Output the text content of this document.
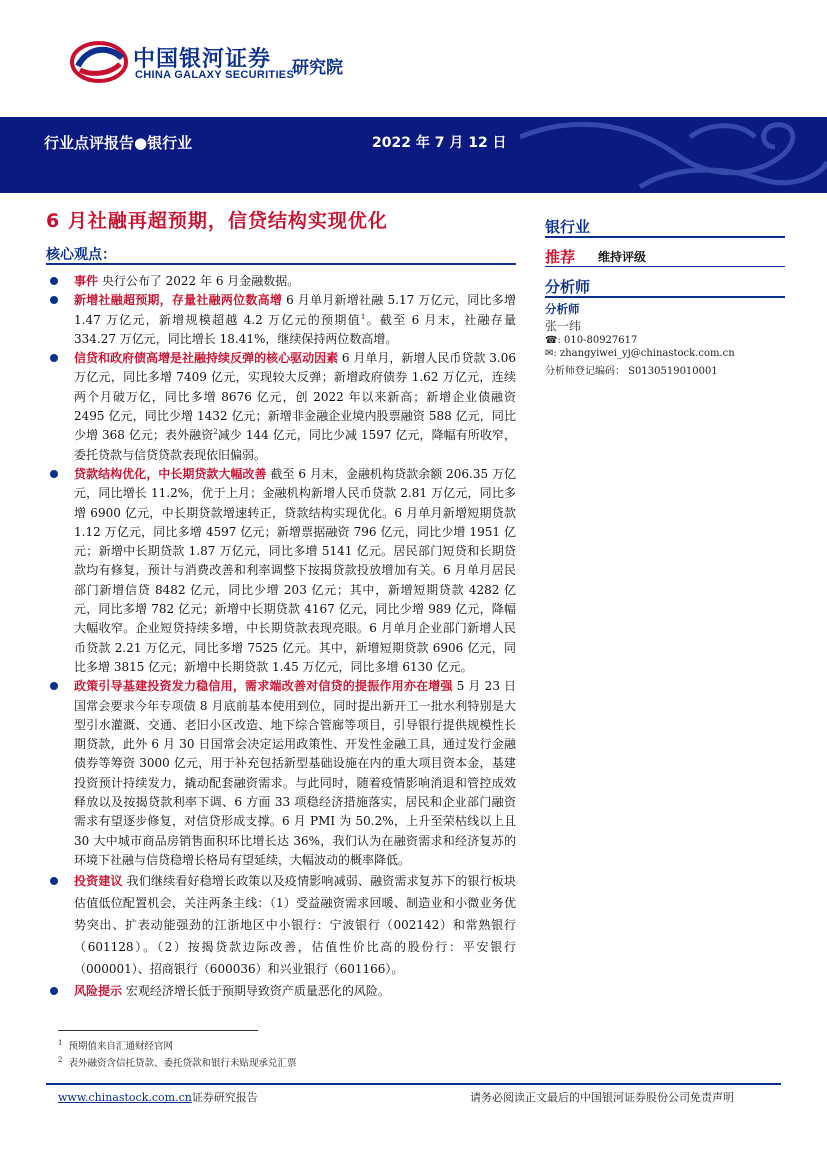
中国银河证券
CHINA GALAXY SECURITIES
研究院
行业点评报告●银行业	2022 年 7 月 12 日
6 月社融再超预期，信贷结构实现优化
核心观点：
银行业
推荐	维持评级
分析师
分析师
张一纬
☎: 010-80927617
✉: zhangyiwei_yj@chinastock.com.cn
分析师登记编码： S0130519010001
事件 央行公布了 2022 年 6 月金融数据。
新增社融超预期，存量社融两位数高增 6 月单月新增社融 5.17 万亿元，同比多增 1.47 万亿元，新增规模超越 4.2 万亿元的预期值$^1$。截至 6 月末，社融存量 334.27 万亿元，同比增长 18.41%，继续保持两位数高增。
信贷和政府债高增是社融持续反弹的核心驱动因素 6 月单月，新增人民币贷款 3.06 万亿元，同比多增 7409 亿元，实现较大反弹；新增政府债券 1.62 万亿元，连续两个月破万亿，同比多增 8676 亿元，创 2022 年以来新高；新增企业债融资 2495 亿元，同比少增 1432 亿元；新增非金融企业境内股票融资 588 亿元，同比少增 368 亿元；表外融资$^2$减少 144 亿元，同比少减 1597 亿元，降幅有所收窄，委托贷款与信贷贷款表现依旧偏弱。
贷款结构优化，中长期贷款大幅改善 截至 6 月末，金融机构贷款余额 206.35 万亿元，同比增长 11.2%，优于上月；金融机构新增人民币贷款 2.81 万亿元，同比多增 6900 亿元，中长期贷款增速转正，贷款结构实现优化。6 月单月新增短期贷款 1.12 万亿元，同比多增 4597 亿元；新增票据融资 796 亿元，同比少增 1951 亿元；新增中长期贷款 1.87 万亿元，同比多增 5141 亿元。居民部门短贷和长期贷款均有修复，预计与消费改善和利率调整下按揭贷款投放增加有关。6 月单月居民部门新增信贷 8482 亿元，同比少增 203 亿元；其中，新增短期贷款 4282 亿元，同比多增 782 亿元；新增中长期贷款 4167 亿元，同比少增 989 亿元，降幅大幅收窄。企业短贷持续多增，中长期贷款表现亮眼。6 月单月企业部门新增人民币贷款 2.21 万亿元，同比多增 7525 亿元。其中，新增短期贷款 6906 亿元，同比多增 3815 亿元；新增中长期贷款 1.45 万亿元，同比多增 6130 亿元。
政策引导基建投资发力稳信用，需求端改善对信贷的提振作用亦在增强 5 月 23 日国常会要求今年专项债 8 月底前基本使用到位，同时提出新开工一批水利特别是大型引水灌溉、交通、老旧小区改造、地下综合管廊等项目，引导银行提供规模性长期贷款，此外 6 月 30 日国常会决定运用政策性、开发性金融工具，通过发行金融债券等筹资 3000 亿元，用于补充包括新型基础设施在内的重大项目资本金，基建投资预计持续发力，撬动配套融资需求。与此同时，随着疫情影响消退和管控成效释放以及按揭贷款利率下调、6 方面 33 项稳经济措施落实，居民和企业部门融资需求有望逐步修复，对信贷形成支撑。6 月 PMI 为 50.2%，上升至荣枯线以上且 30 大中城市商品房销售面积环比增长达 36%，我们认为在融资需求和经济复苏的环境下社融与信贷稳增长格局有望延续，大幅波动的概率降低。
投资建议 我们继续看好稳增长政策以及疫情影响减弱、融资需求复苏下的银行板块估值低位配置机会，关注两条主线：（1）受益融资需求回暖、制造业和小微业务优势突出、扩表动能强劲的江浙地区中小银行：宁波银行（002142）和常熟银行（601128）。（2）按揭贷款边际改善，估值性价比高的股份行：平安银行（000001）、招商银行（600036）和兴业银行（601166）。
风险提示 宏观经济增长低于预期导致资产质量恶化的风险。
$^1$ 预期值来自汇通财经官网
$^2$ 表外融资含信托贷款、委托贷款和银行未贴现承兑汇票
www.chinastock.com.cn证券研究报告	请务必阅读正文最后的中国银河证券股份公司免责声明
